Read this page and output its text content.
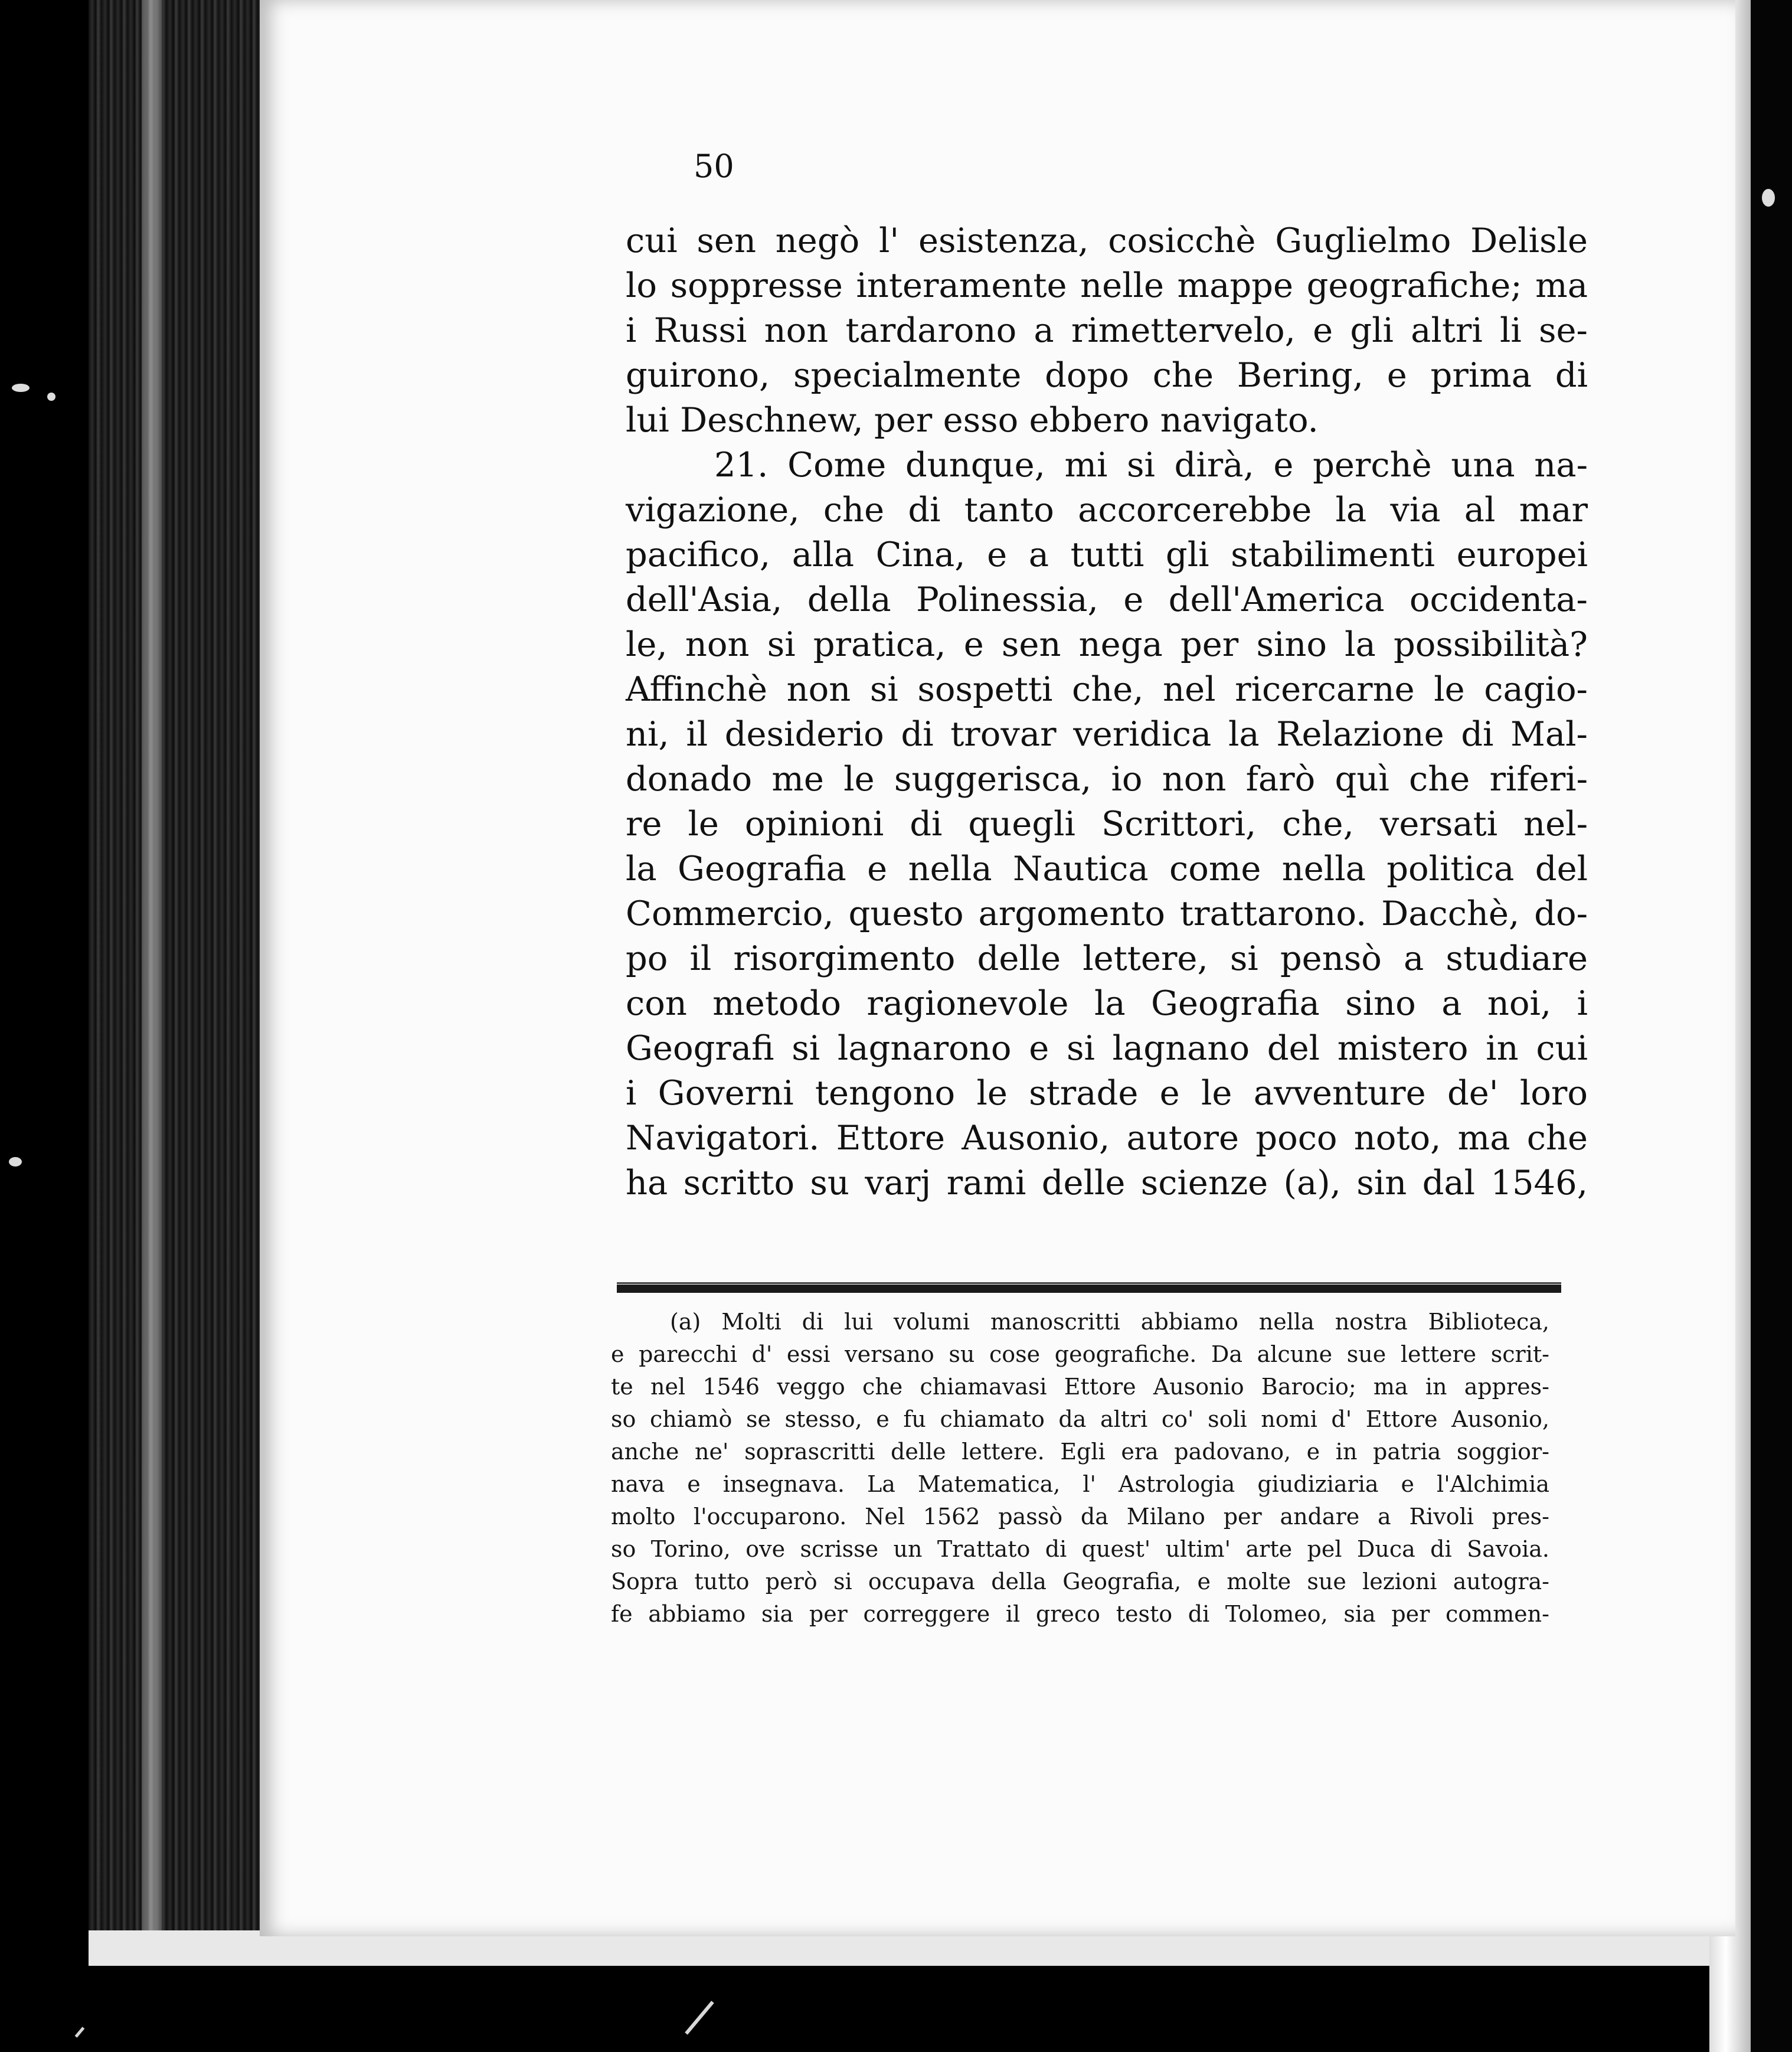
50
cui sen negò l' esistenza, cosicchè Guglielmo Delisle
lo soppresse interamente nelle mappe geografiche; ma
i Russi non tardarono a rimettervelo, e gli altri li se-
guirono, specialmente dopo che Bering, e prima di
lui Deschnew, per esso ebbero navigato.
21. Come dunque, mi si dirà, e perchè una na-
vigazione, che di tanto accorcerebbe la via al mar
pacifico, alla Cina, e a tutti gli stabilimenti europei
dell'Asia, della Polinessia, e dell'America occidenta-
le, non si pratica, e sen nega per sino la possibilità?
Affinchè non si sospetti che, nel ricercarne le cagio-
ni, il desiderio di trovar veridica la Relazione di Mal-
donado me le suggerisca, io non farò quì che riferi-
re le opinioni di quegli Scrittori, che, versati nel-
la Geografia e nella Nautica come nella politica del
Commercio, questo argomento trattarono. Dacchè, do-
po il risorgimento delle lettere, si pensò a studiare
con metodo ragionevole la Geografia sino a noi, i
Geografi si lagnarono e si lagnano del mistero in cui
i Governi tengono le strade e le avventure de' loro
Navigatori. Ettore Ausonio, autore poco noto, ma che
ha scritto su varj rami delle scienze (a), sin dal 1546,
(a) Molti di lui volumi manoscritti abbiamo nella nostra Biblioteca,
e parecchi d' essi versano su cose geografiche. Da alcune sue lettere scrit-
te nel 1546 veggo che chiamavasi Ettore Ausonio Barocio; ma in appres-
so chiamò se stesso, e fu chiamato da altri co' soli nomi d' Ettore Ausonio,
anche ne' soprascritti delle lettere. Egli era padovano, e in patria soggior-
nava e insegnava. La Matematica, l' Astrologia giudiziaria e l'Alchimia
molto l'occuparono. Nel 1562 passò da Milano per andare a Rivoli pres-
so Torino, ove scrisse un Trattato di quest' ultim' arte pel Duca di Savoia.
Sopra tutto però si occupava della Geografia, e molte sue lezioni autogra-
fe abbiamo sia per correggere il greco testo di Tolomeo, sia per commen-
